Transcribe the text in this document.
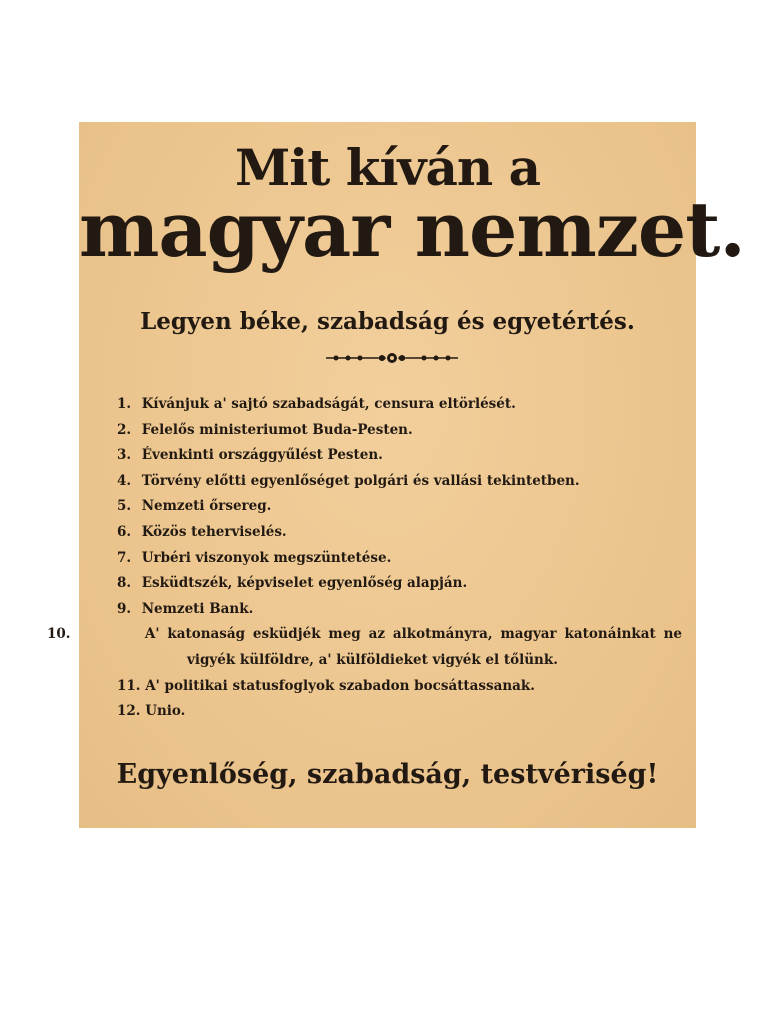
Mit kíván a
magyar nemzet.
Legyen béke, szabadság és egyetértés.
1. Kívánjuk a' sajtó szabadságát, censura eltörlését.
2. Felelős ministeriumot Buda-Pesten.
3. Évenkinti országgyűlést Pesten.
4. Törvény előtti egyenlőséget polgári és vallási tekintetben.
5. Nemzeti őrsereg.
6. Közös teherviselés.
7. Urbéri viszonyok megszüntetése.
8. Esküdtszék, képviselet egyenlőség alapján.
9. Nemzeti Bank.
10.	A' katonaság esküdjék meg az alkotmányra, magyar katonáinkat ne vigyék külföldre, a' külföldieket vigyék el tőlünk.
11. A' politikai statusfoglyok szabadon bocsáttassanak.
12. Unio.
Egyenlőség, szabadság, testvériség!
